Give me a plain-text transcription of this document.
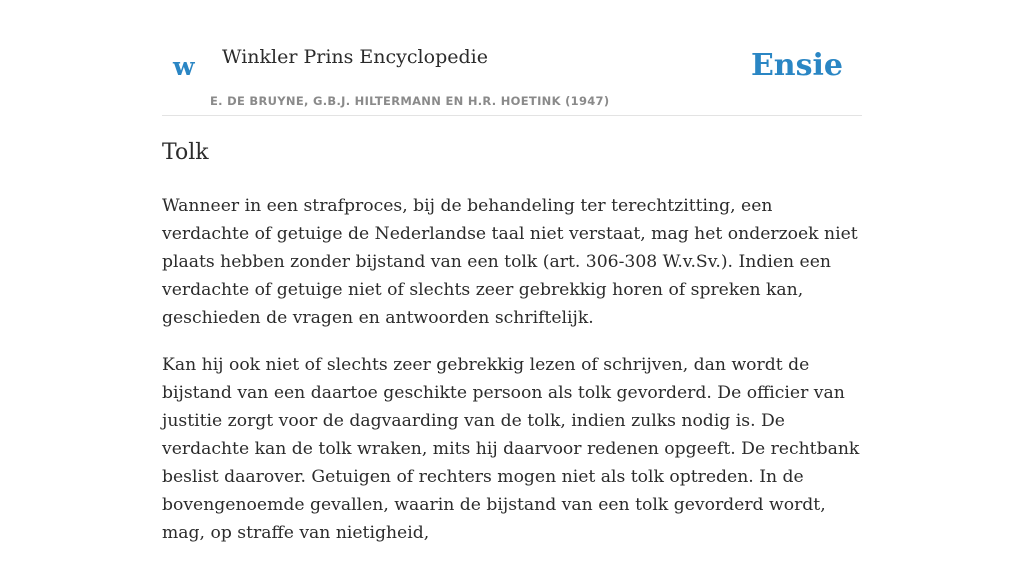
w Winkler Prins Encyclopedie
E. DE BRUYNE, G.B.J. HILTERMANN EN H.R. HOETINK (1947)
Ensie
Tolk

Wanneer in een strafproces, bij de behandeling ter terechtzitting, een verdachte of getuige de Nederlandse taal niet verstaat, mag het onderzoek niet plaats hebben zonder bijstand van een tolk (art. 306-308 W.v.Sv.). Indien een verdachte of getuige niet of slechts zeer gebrekkig horen of spreken kan, geschieden de vragen en antwoorden schriftelijk.

Kan hij ook niet of slechts zeer gebrekkig lezen of schrijven, dan wordt de bijstand van een daartoe geschikte persoon als tolk gevorderd. De officier van justitie zorgt voor de dagvaarding van de tolk, indien zulks nodig is. De verdachte kan de tolk wraken, mits hij daarvoor redenen opgeeft. De rechtbank beslist daarover. Getuigen of rechters mogen niet als tolk optreden. In de bovengenoemde gevallen, waarin de bijstand van een tolk gevorderd wordt, mag, op straffe van nietigheid,
